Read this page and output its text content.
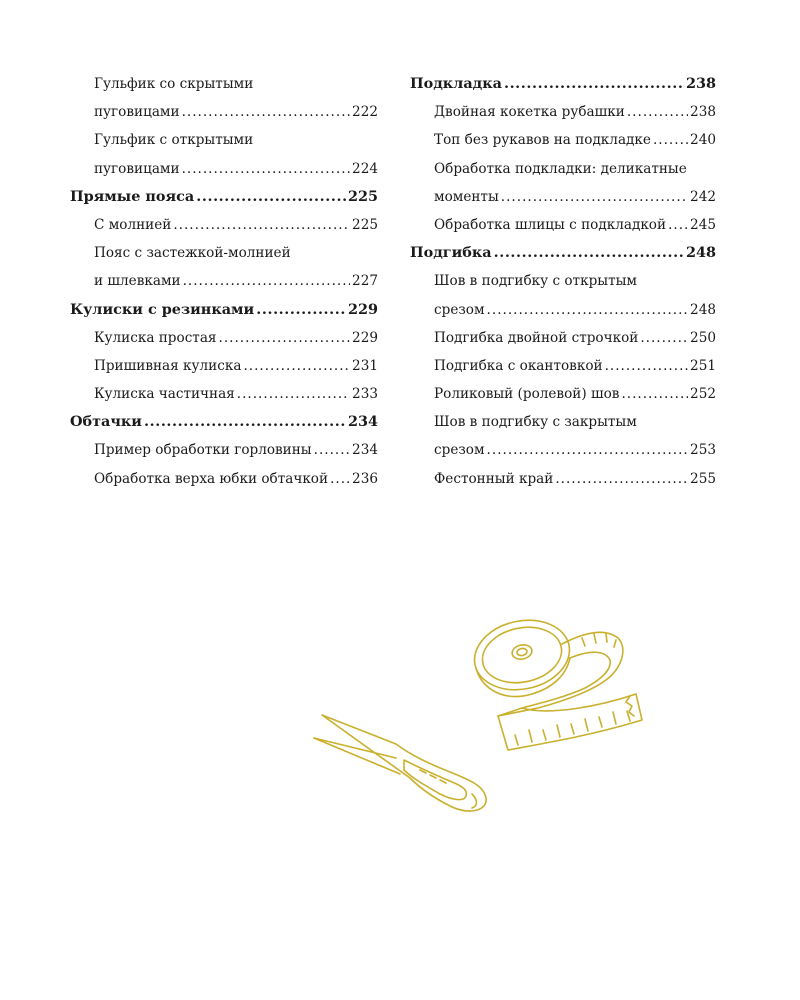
Гульфик со скрытыми
пуговицами .....	222
Гульфик с открытыми
пуговицами .....	224
Прямые пояса .....	225
С молнией .....	225
Пояс с застежкой-молнией
и шлевками .....	227
Кулиски с резинками .....	229
Кулиска простая .....	229
Пришивная кулиска .....	231
Кулиска частичная .....	233
Обтачки .....	234
Пример обработки горловины .....	234
Обработка верха юбки обтачкой ..... 236
Подкладка .....	238
Двойная кокетка рубашки .....	238
Топ без рукавов на подкладке .....	240
Обработка подкладки: деликатные
моменты .....	242
Обработка шлицы с подкладкой ..... 245
Подгибка .....	248
Шов в подгибку с открытым
срезом .....	248
Подгибка двойной строчкой .....	250
Подгибка с окантовкой .....	251
Роликовый (ролевой) шов .....	252
Шов в подгибку с закрытым
срезом .....	253
Фестонный край .....	255
